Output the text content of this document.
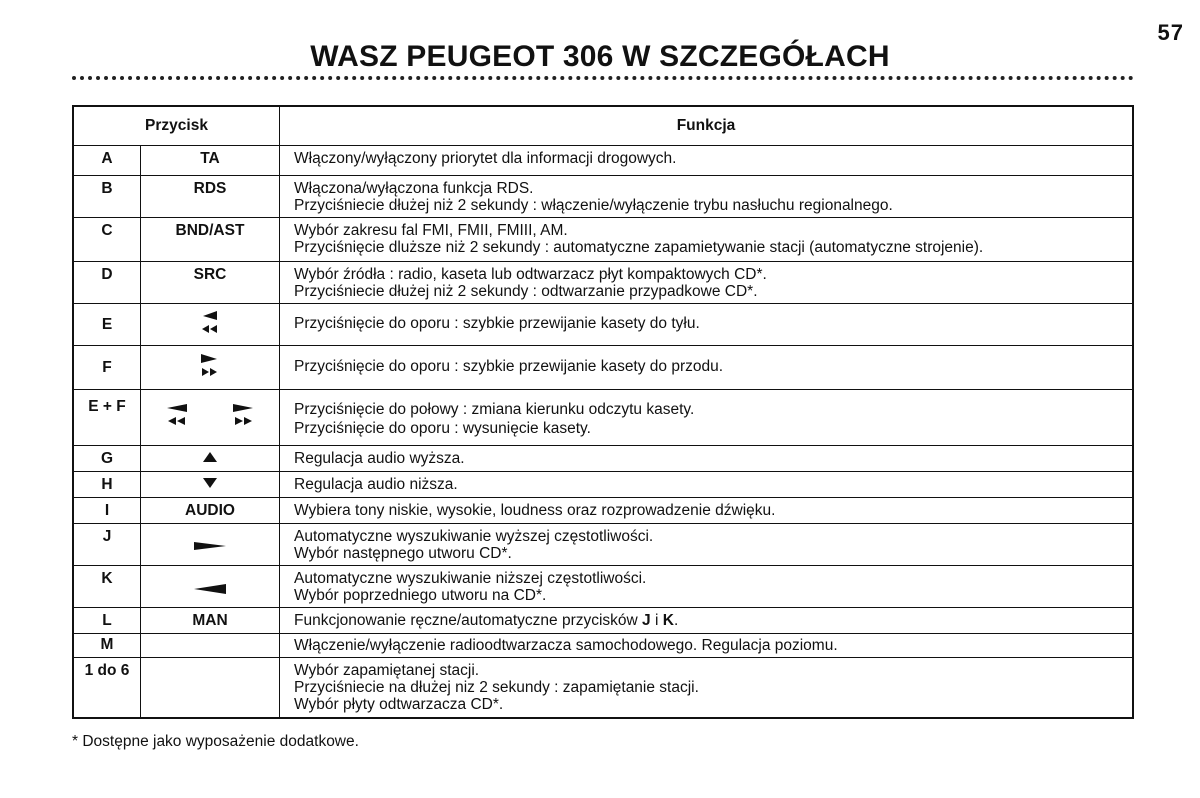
57
WASZ PEUGEOT 306 W SZCZEGÓŁACH
Przycisk		Funkcja
A	TA	Włączony/wyłączony priorytet dla informacji drogowych.

B	RDS	Włączona/wyłączona funkcja RDS.
Przyciśniecie dłużej niż 2 sekundy : włączenie/wyłączenie trybu nasłuchu regionalnego.

C	BND/AST	Wybór zakresu fal FMI, FMII, FMIII, AM.
Przyciśnięcie dluższe niż 2 sekundy : automatyczne zapamietywanie stacji (automatyczne strojenie).

D	SRC	Wybór źródła : radio, kaseta lub odtwarzacz płyt kompaktowych CD*.
Przyciśniecie dłużej niż 2 sekundy : odtwarzanie przypadkowe CD*.

E		Przyciśnięcie do oporu : szybkie przewijanie kasety do tyłu.

F		Przyciśnięcie do oporu : szybkie przewijanie kasety do przodu.

E + F		Przyciśnięcie do połowy : zmiana kierunku odczytu kasety.
Przyciśnięcie do oporu : wysunięcie kasety.

G		Regulacja audio wyższa.

H		Regulacja audio niższa.

I	AUDIO	Wybiera tony niskie, wysokie, loudness oraz rozprowadzenie dźwięku.

J		Automatyczne wyszukiwanie wyższej częstotliwości.
Wybór następnego utworu CD*.

K		Automatyczne wyszukiwanie niższej częstotliwości.
Wybór poprzedniego utworu na CD*.

L	MAN	Funkcjonowanie ręczne/automatyczne przycisków J i K.

M		Włączenie/wyłączenie radioodtwarzacza samochodowego. Regulacja poziomu.

1 do 6		Wybór zapamiętanej stacji.
Przyciśniecie na dłużej niz 2 sekundy : zapamiętanie stacji.
Wybór płyty odtwarzacza CD*.
* Dostępne jako wyposażenie dodatkowe.
